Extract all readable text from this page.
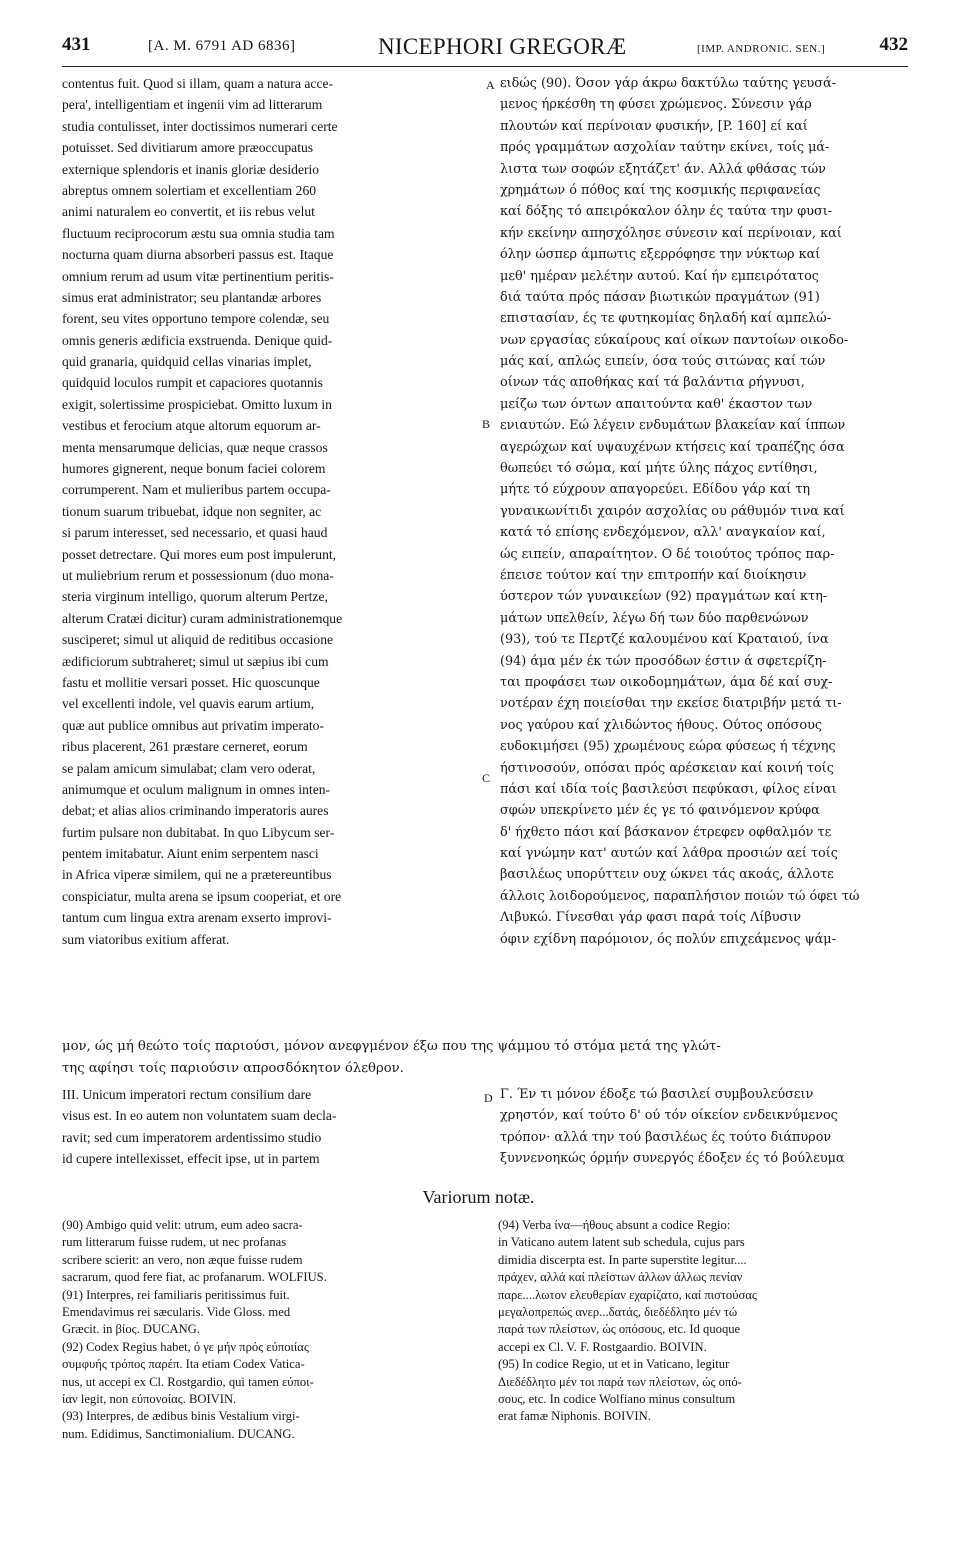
431	[A. M. 6791 AD 6836]	NICEPHORI GREGORÆ	[IMP. ANDRONIC. SEN.]	432
contentus fuit. Quod si illam, quam a natura acce-
pera', intelligentiam et ingenii vim ad litterarum
studia contulisset, inter doctissimos numerari certe
potuisset. Sed divitiarum amore præoccupatus
externique splendoris et inanis gloriæ desiderio
abreptus omnem solertiam et excellentiam 260
animi naturalem eo convertit, et iis rebus velut
fluctuum reciprocorum æstu sua omnia studia tam
nocturna quam diurna absorberi passus est. Itaque
omnium rerum ad usum vitæ pertinentium peritis-
simus erat administrator; seu plantandæ arbores
forent, seu vites opportuno tempore colendæ, seu
omnis generis ædificia exstruenda. Denique quid-
quid granaria, quidquid cellas vinarias implet,
quidquid loculos rumpit et capaciores quotannis
exigit, solertissime prospiciebat. Omitto luxum in
vestibus et ferocium atque altorum equorum ar-
menta mensarumque delicias, quæ neque crassos
humores gignerent, neque bonum faciei colorem
corrumperent. Nam et mulieribus partem occupa-
tionum suarum tribuebat, idque non segniter, ac
si parum interesset, sed necessario, et quasi haud
posset detrectare. Qui mores eum post impulerunt,
ut muliebrium rerum et possessionum (duo mona-
steria virginum intelligo, quorum alterum Pertze,
alterum Cratæi dicitur) curam administrationemque
susciperet; simul ut aliquid de reditibus occasione
ædificiorum subtraheret; simul ut sæpius ibi cum
fastu et mollitie versari posset. Hic quoscunque
vel excellenti indole, vel quavis earum artium,
quæ aut publice omnibus aut privatim imperato-
ribus placerent, 261 præstare cerneret, eorum
se palam amicum simulabat; clam vero oderat,
animumque et oculum malignum in omnes inten-
debat; et alias alios criminando imperatoris aures
furtim pulsare non dubitabat. In quo Libycum ser-
pentem imitabatur. Aiunt enim serpentem nasci
in Africa viperæ similem, qui ne a prætereuntibus
conspiciatur, multa arena se ipsum cooperiat, et ore
tantum cum lingua extra arenam exserto improvi-
sum viatoribus exitium afferat.
ειδώς (90). Όσον γάρ άκρω δακτύλω ταύτης γευσά-
μενος ήρκέσθη τη φύσει χρώμενος. Σύνεσιν γάρ
πλουτών καί περίνοιαν φυσικήν, [P. 160] εί καί
πρός γραμμάτων ασχολίαν ταύτην εκίνει, τοίς μά-
λιστα των σοφών εξητάζετ' άν. Αλλά φθάσας τών
χρημάτων ό πόθος καί της κοσμικής περιφανείας
καί δόξης τό απειρόκαλον όλην ές ταύτα την φυσι-
κήν εκείνην απησχόλησε σύνεσιν καί περίνοιαν, καί
όλην ώσπερ άμπωτις εξερρόφησε την νύκτωρ καί
μεθ' ημέραν μελέτην αυτού. Καί ήν εμπειρότατος
διά ταύτα πρός πάσαν βιωτικών πραγμάτων (91)
επιστασίαν, ές τε φυτηκομίας δηλαδή καί αμπελώ-
νων εργασίας εύκαίρους καί οίκων παντοίων οικοδο-
μάς καί, απλώς ειπείν, όσα τούς σιτώνας καί τών
οίνων τάς αποθήκας καί τά βαλάντια ρήγνυσι,
μείζω των όντων απαιτούντα καθ' έκαστον των
ενιαυτών. Εώ λέγειν ενδυμάτων βλακείαν καί ίππων
αγερώχων καί υψαυχένων κτήσεις καί τραπέζης όσα
θωπεύει τό σώμα, καί μήτε ύλης πάχος εντίθησι,
μήτε τό εύχρουν απαγορεύει. Εδίδου γάρ καί τη
γυναικωνίτιδι χαιρόν ασχολίας ου ράθυμόν τινα καί
κατά τό επίσης ενδεχόμενον, αλλ' αναγκαίον καί,
ώς ειπείν, απαραίτητον. Ο δέ τοιούτος τρόπος παρ-
έπεισε τούτον καί την επιτροπήν καί διοίκησιν
ύστερον τών γυναικείων (92) πραγμάτων καί κτη-
μάτων υπελθείν, λέγω δή των δύο παρθενώνων
(93), τού τε Περτζέ καλουμένου καί Κραταιού, ίνα
(94) άμα μέν έκ τών προσόδων έστιν ά σφετερίζη-
ται προφάσει των οικοδομημάτων, άμα δέ καί συχ-
νοτέραν έχη ποιείσθαι την εκείσε διατριβήν μετά τι-
νος γαύρου καί χλιδώντος ήθους. Ούτος οπόσους
ευδοκιμήσει (95) χρωμένους εώρα φύσεως ή τέχνης
ήστινοσούν, οπόσαι πρός αρέσκειαν καί κοινή τοίς
πάσι καί ιδία τοίς βασιλεύσι πεφύκασι, φίλος είναι
σφών υπεκρίνετο μέν ές γε τό φαινόμενον κρύφα
δ' ήχθετο πάσι καί βάσκανον έτρεφεν οφθαλμόν τε
καί γνώμην κατ' αυτών καί λάθρα προσιών αεί τοίς
βασιλέως υπορύττειν ουχ ώκνει τάς ακοάς, άλλοτε
άλλοις λοιδορούμενος, παραπλήσιον ποιών τώ όφει τώ
Λιβυκώ. Γίνεσθαι γάρ φασι παρά τοίς Λίβυσιν
όφιν εχίδνη παρόμοιον, ός πολύν επιχεάμενος ψάμ-
A
B
C
D
μον, ώς μή θεώτο τοίς παριούσι, μόνον ανεφγμένον έξω που της ψάμμου τό στόμα μετά της γλώτ-
της αφίησι τοίς παριούσιν απροσδόκητον όλεθρον.
III. Unicum imperatori rectum consilium dare
visus est. In eo autem non voluntatem suam decla-
ravit; sed cum imperatorem ardentissimo studio
id cupere intellexisset, effecit ipse, ut in partem
Γ. Έν τι μόνον έδοξε τώ βασιλεί συμβουλεύσειν
χρηστόν, καί τούτο δ' ού τόν οίκείον ενδεικνύμενος
τρόπον· αλλά την τού βασιλέως ές τούτο διάπυρον
ξυννενοηκώς όρμήν συνεργός έδοξεν ές τό βούλευμα
Variorum notæ.
(90) Ambigo quid velit: utrum, eum adeo sacra-
rum litterarum fuisse rudem, ut nec profanas
scribere scierit: an vero, non æque fuisse rudem
sacrarum, quod fere fiat, ac profanarum. WOLFIUS.
(91) Interpres, rei familiaris peritissimus fuit.
Emendavimus rei sæcularis. Vide Gloss. med
Græcit. in βίος. DUCANG.
(92) Codex Regius habet, ό γε μήν πρός εύποιίας
συμφυής τρόπος παρέπ. Ita etiam Codex Vatica-
nus, ut accepi ex Cl. Rostgardio, qui tamen εύποι-
ίαν legit, non εύπονοίας. BOIVIN.
(93) Interpres, de ædibus binis Vestalium virgi-
num. Edidimus, Sanctimonialium. DUCANG.
(94) Verba ίνα—ήθους absunt a codice Regio:
in Vaticano autem latent sub schedula, cujus pars
dimidia discerpta est. In parte superstite legitur....
πράχεν, αλλά καί πλείστων άλλων άλλως πενίαν
παρε....λωτον ελευθερίαν εχαρίζατο, καί πιστούσας
μεγαλοπρεπώς ανερ...δατάς, διεδέδλητο μέν τώ
παρά των πλείστων, ώς οπόσους, etc. Id quoque
accepi ex Cl. V. F. Rostgaardio. BOIVIN.
(95) In codice Regio, ut et in Vaticano, legitur
Διεδέδλητο μέν τοι παρά των πλείστων, ώς οπό-
σους, etc. In codice Wolfiano minus consultum
erat famæ Niphonis. BOIVIN.
